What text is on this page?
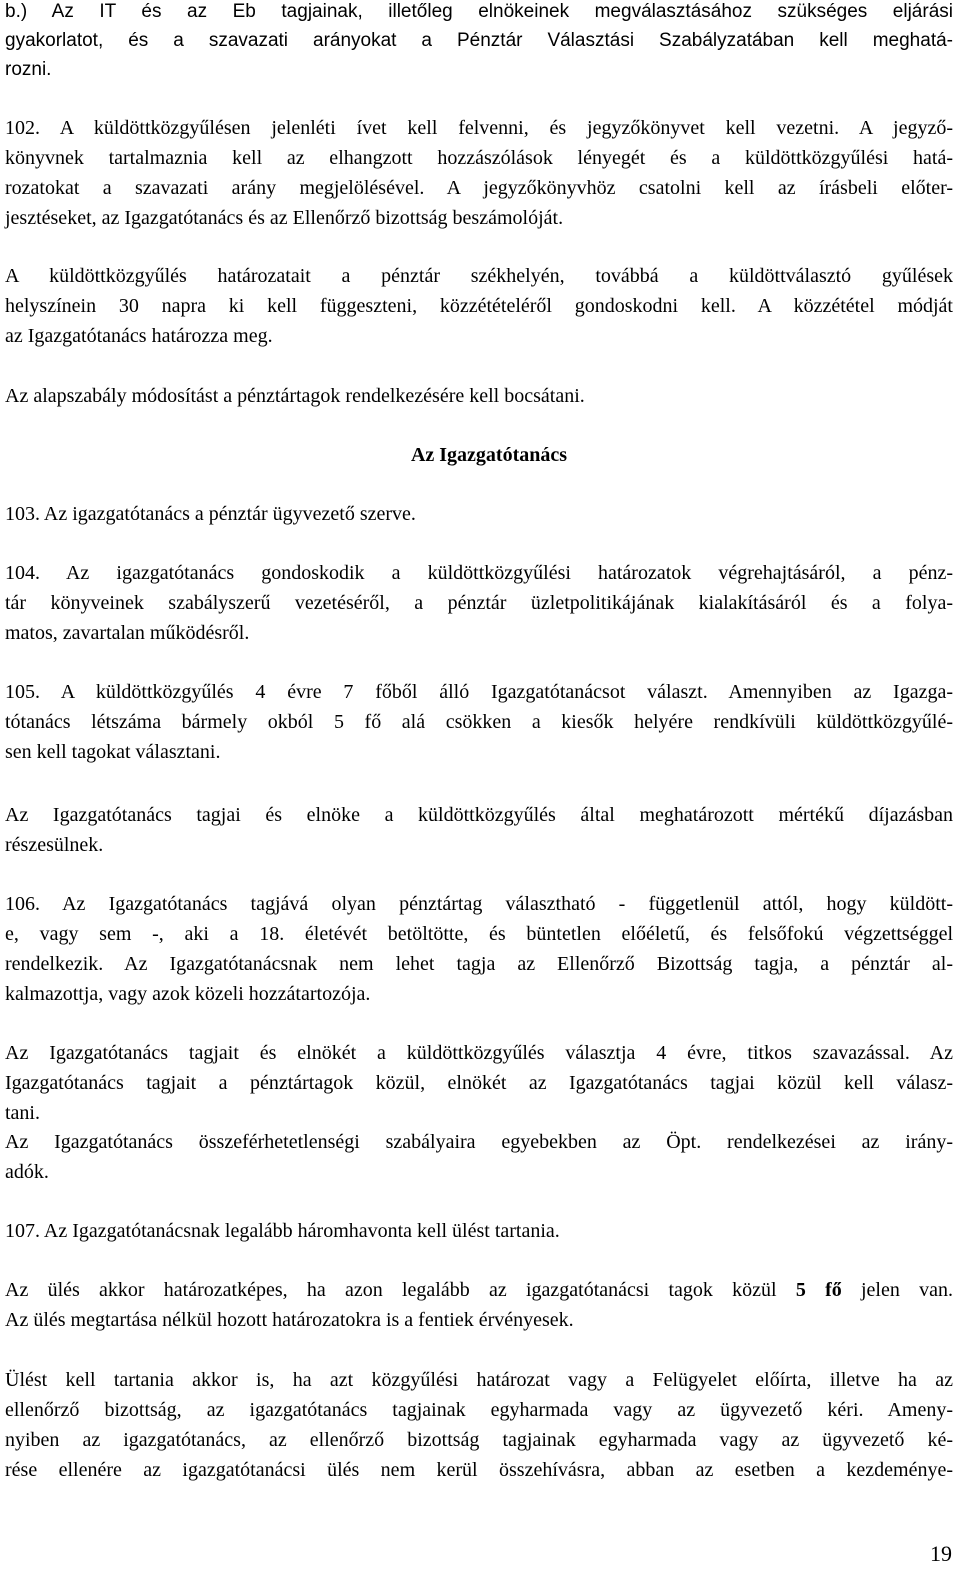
b.) Az IT és az Eb tagjainak, illetőleg elnökeinek megválasztásához szükséges eljárási
gyakorlatot, és a szavazati arányokat a Pénztár Választási Szabályzatában kell meghatá-
rozni.
102. A küldöttközgyűlésen jelenléti ívet kell felvenni, és jegyzőkönyvet kell vezetni. A jegyző-
könyvnek tartalmaznia kell az elhangzott hozzászólások lényegét és a küldöttközgyűlési hatá-
rozatokat a szavazati arány megjelölésével. A jegyzőkönyvhöz csatolni kell az írásbeli előter-
jesztéseket, az Igazgatótanács és az Ellenőrző bizottság beszámolóját.
A küldöttközgyűlés határozatait a pénztár székhelyén, továbbá a küldöttválasztó gyűlések
helyszínein 30 napra ki kell függeszteni, közzétételéről gondoskodni kell. A közzététel módját
az Igazgatótanács határozza meg.
Az alapszabály módosítást a pénztártagok rendelkezésére kell bocsátani.
Az Igazgatótanács
103. Az igazgatótanács a pénztár ügyvezető szerve.
104. Az igazgatótanács gondoskodik a küldöttközgyűlési határozatok végrehajtásáról, a pénz-
tár könyveinek szabályszerű vezetéséről, a pénztár üzletpolitikájának kialakításáról és a folya-
matos, zavartalan működésről.
105. A küldöttközgyűlés 4 évre 7 főből álló Igazgatótanácsot választ. Amennyiben az Igazga-
tótanács létszáma bármely okból 5 fő alá csökken a kiesők helyére rendkívüli küldöttközgyűlé-
sen kell tagokat választani.
Az Igazgatótanács tagjai és elnöke a küldöttközgyűlés által meghatározott mértékű díjazásban
részesülnek.
106. Az Igazgatótanács tagjává olyan pénztártag választható - függetlenül attól, hogy küldött-
e, vagy sem -, aki a 18. életévét betöltötte, és büntetlen előéletű, és felsőfokú végzettséggel
rendelkezik. Az Igazgatótanácsnak nem lehet tagja az Ellenőrző Bizottság tagja, a pénztár al-
kalmazottja, vagy azok közeli hozzátartozója.
Az Igazgatótanács tagjait és elnökét a küldöttközgyűlés választja 4 évre, titkos szavazással. Az
Igazgatótanács tagjait a pénztártagok közül, elnökét az Igazgatótanács tagjai közül kell válasz-
tani.
Az Igazgatótanács összeférhetetlenségi szabályaira egyebekben az Öpt. rendelkezései az irány-
adók.
107. Az Igazgatótanácsnak legalább háromhavonta kell ülést tartania.
Az ülés akkor határozatképes, ha azon legalább az igazgatótanácsi tagok közül 5 fő jelen van.
Az ülés megtartása nélkül hozott határozatokra is a fentiek érvényesek.
Ülést kell tartania akkor is, ha azt közgyűlési határozat vagy a Felügyelet előírta, illetve ha az
ellenőrző bizottság, az igazgatótanács tagjainak egyharmada vagy az ügyvezető kéri. Ameny-
nyiben az igazgatótanács, az ellenőrző bizottság tagjainak egyharmada vagy az ügyvezető ké-
rése ellenére az igazgatótanácsi ülés nem kerül összehívásra, abban az esetben a kezdeménye-
19
